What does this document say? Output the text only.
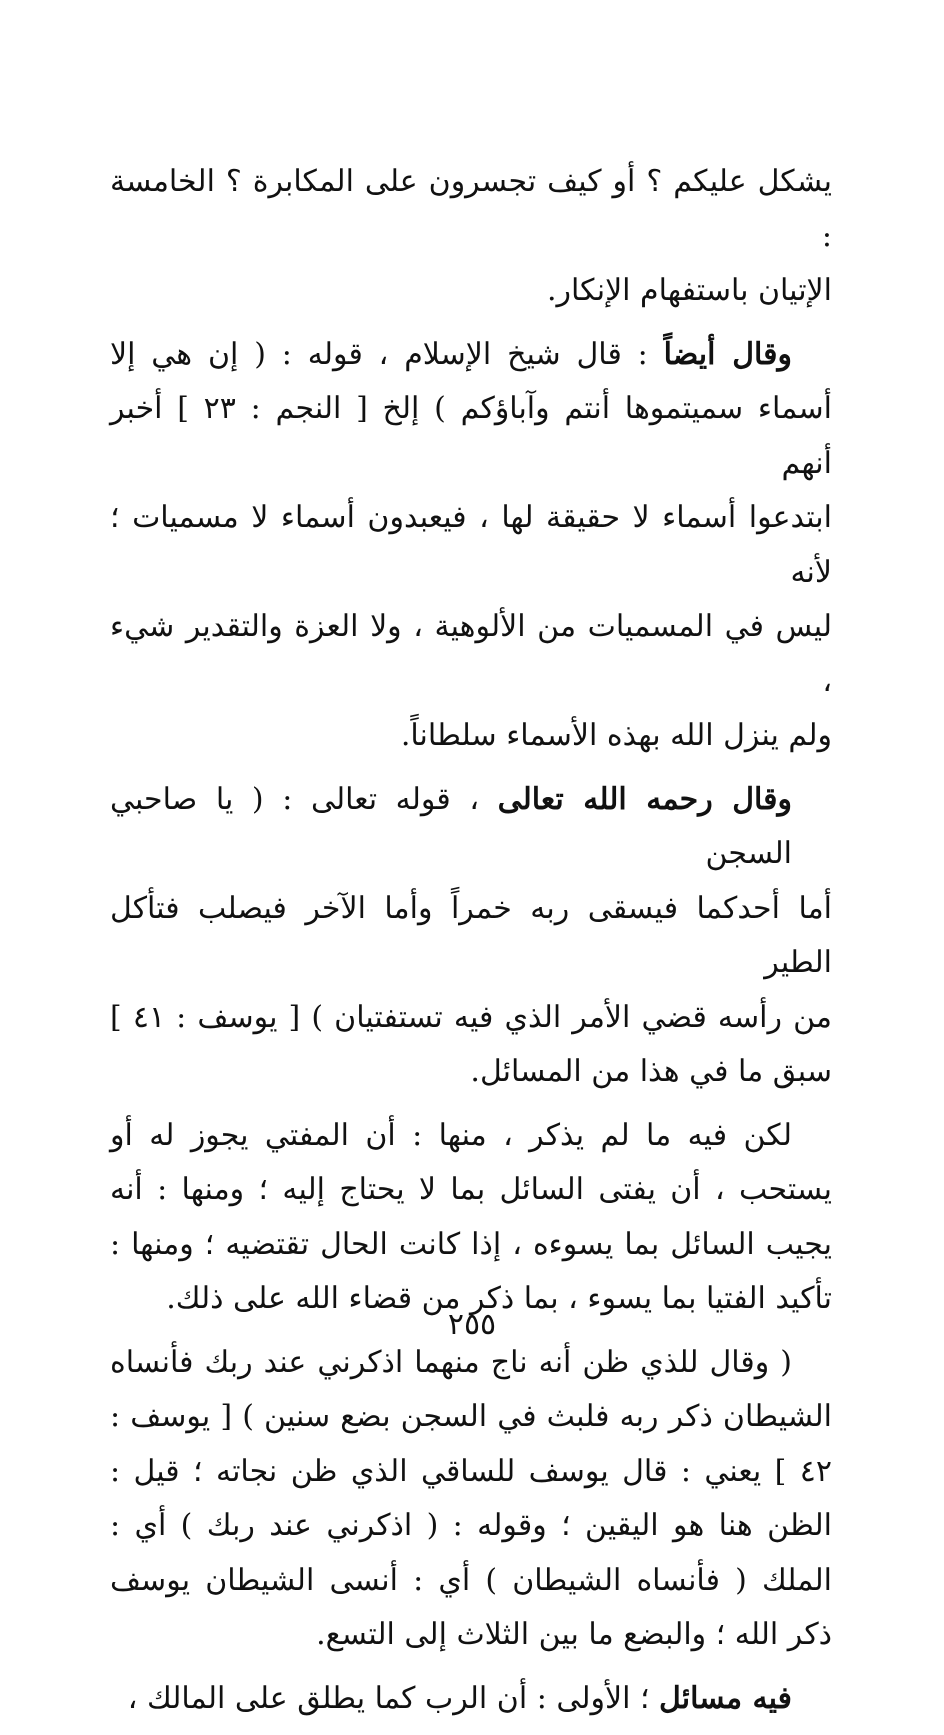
يشكل عليكم ؟ أو كيف تجسرون على المكابرة ؟ الخامسة :
الإتيان باستفهام الإنكار.

وقال أيضاً : قال شيخ الإسلام ، قوله : ( إن هي إلا
أسماء سميتموها أنتم وآباؤكم ) إلخ [ النجم : ٢٣ ] أخبر أنهم
ابتدعوا أسماء لا حقيقة لها ، فيعبدون أسماء لا مسميات ؛ لأنه
ليس في المسميات من الألوهية ، ولا العزة والتقدير شيء ،
ولم ينزل الله بهذه الأسماء سلطاناً.

وقال رحمه الله تعالى ، قوله تعالى : ( يا صاحبي السجن
أما أحدكما فيسقى ربه خمراً وأما الآخر فيصلب فتأكل الطير
من رأسه قضي الأمر الذي فيه تستفتيان ) [ يوسف : ٤١ ]
سبق ما في هذا من المسائل.

لكن فيه ما لم يذكر ، منها : أن المفتي يجوز له أو
يستحب ، أن يفتى السائل بما لا يحتاج إليه ؛ ومنها : أنه
يجيب السائل بما يسوءه ، إذا كانت الحال تقتضيه ؛ ومنها :
تأكيد الفتيا بما يسوء ، بما ذكر من قضاء الله على ذلك.

( وقال للذي ظن أنه ناج منهما اذكرني عند ربك فأنساه
الشيطان ذكر ربه فلبث في السجن بضع سنين ) [ يوسف :
٤٢ ] يعني : قال يوسف للساقي الذي ظن نجاته ؛ قيل :
الظن هنا هو اليقين ؛ وقوله : ( اذكرني عند ربك ) أي :
الملك ( فأنساه الشيطان ) أي : أنسى الشيطان يوسف
ذكر الله ؛ والبضع ما بين الثلاث إلى التسع.

فيه مسائل ؛ الأولى : أن الرب كما يطلق على المالك ،

٢٥٥
